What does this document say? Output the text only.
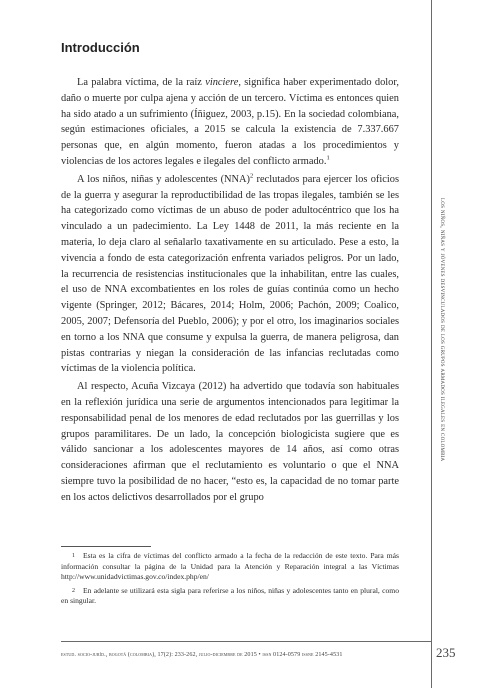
los niños, niñas y jóvenes desvinculados de los grupos armados ilegales en colombia
Introducción

La palabra víctima, de la raíz vinciere, significa haber experimentado dolor, daño o muerte por culpa ajena y acción de un tercero. Víctima es entonces quien ha sido atado a un sufrimiento (Íñiguez, 2003, p.15). En la sociedad colombiana, según estimaciones oficiales, a 2015 se calcula la existencia de 7.337.667 personas que, en algún momento, fueron atadas a los procedimientos y violencias de los actores legales e ilegales del conflicto armado.$^1$

A los niños, niñas y adolescentes (NNA)$^2$ reclutados para ejercer los oficios de la guerra y asegurar la reproductibilidad de las tropas ilegales, también se les ha categorizado como víctimas de un abuso de poder adultocéntrico que los ha vinculado a un padecimiento. La Ley 1448 de 2011, la más reciente en la materia, lo deja claro al señalarlo taxativamente en su articulado. Pese a esto, la vivencia a fondo de esta categorización enfrenta variados peligros. Por un lado, la recurrencia de resistencias institucionales que la inhabilitan, entre las cuales, el uso de NNA excombatientes en los roles de guías continúa como un hecho vigente (Springer, 2012; Bácares, 2014; Holm, 2006; Pachón, 2009; Coalico, 2005, 2007; Defensoría del Pueblo, 2006); y por el otro, los imaginarios sociales en torno a los NNA que consume y expulsa la guerra, de manera peligrosa, dan pistas contrarias y niegan la consideración de las infancias reclutadas como víctimas de la violencia política.

Al respecto, Acuña Vizcaya (2012) ha advertido que todavía son habituales en la reflexión jurídica una serie de argumentos intencionados para legitimar la responsabilidad penal de los menores de edad reclutados por las guerrillas y los grupos paramilitares. De un lado, la concepción biologicista sugiere que es válido sancionar a los adolescentes mayores de 14 años, así como otras consideraciones afirman que el reclutamiento es voluntario o que el NNA siempre tuvo la posibilidad de no hacer, “esto es, la capacidad de no tomar parte en los actos delictivos desarrollados por el grupo

1 Esta es la cifra de víctimas del conflicto armado a la fecha de la redacción de este texto. Para más información consultar la página de la Unidad para la Atención y Reparación integral a las Víctimas http://www.unidadvictimas.gov.co/index.php/en/

2 En adelante se utilizará esta sigla para referirse a los niños, niñas y adolescentes tanto en plural, como en singular.

estud. socio-juríd., bogotá (colombia), 17(2): 233-262, julio-diciembre de 2015 • issn 0124-0579 issne 2145-4531	235
